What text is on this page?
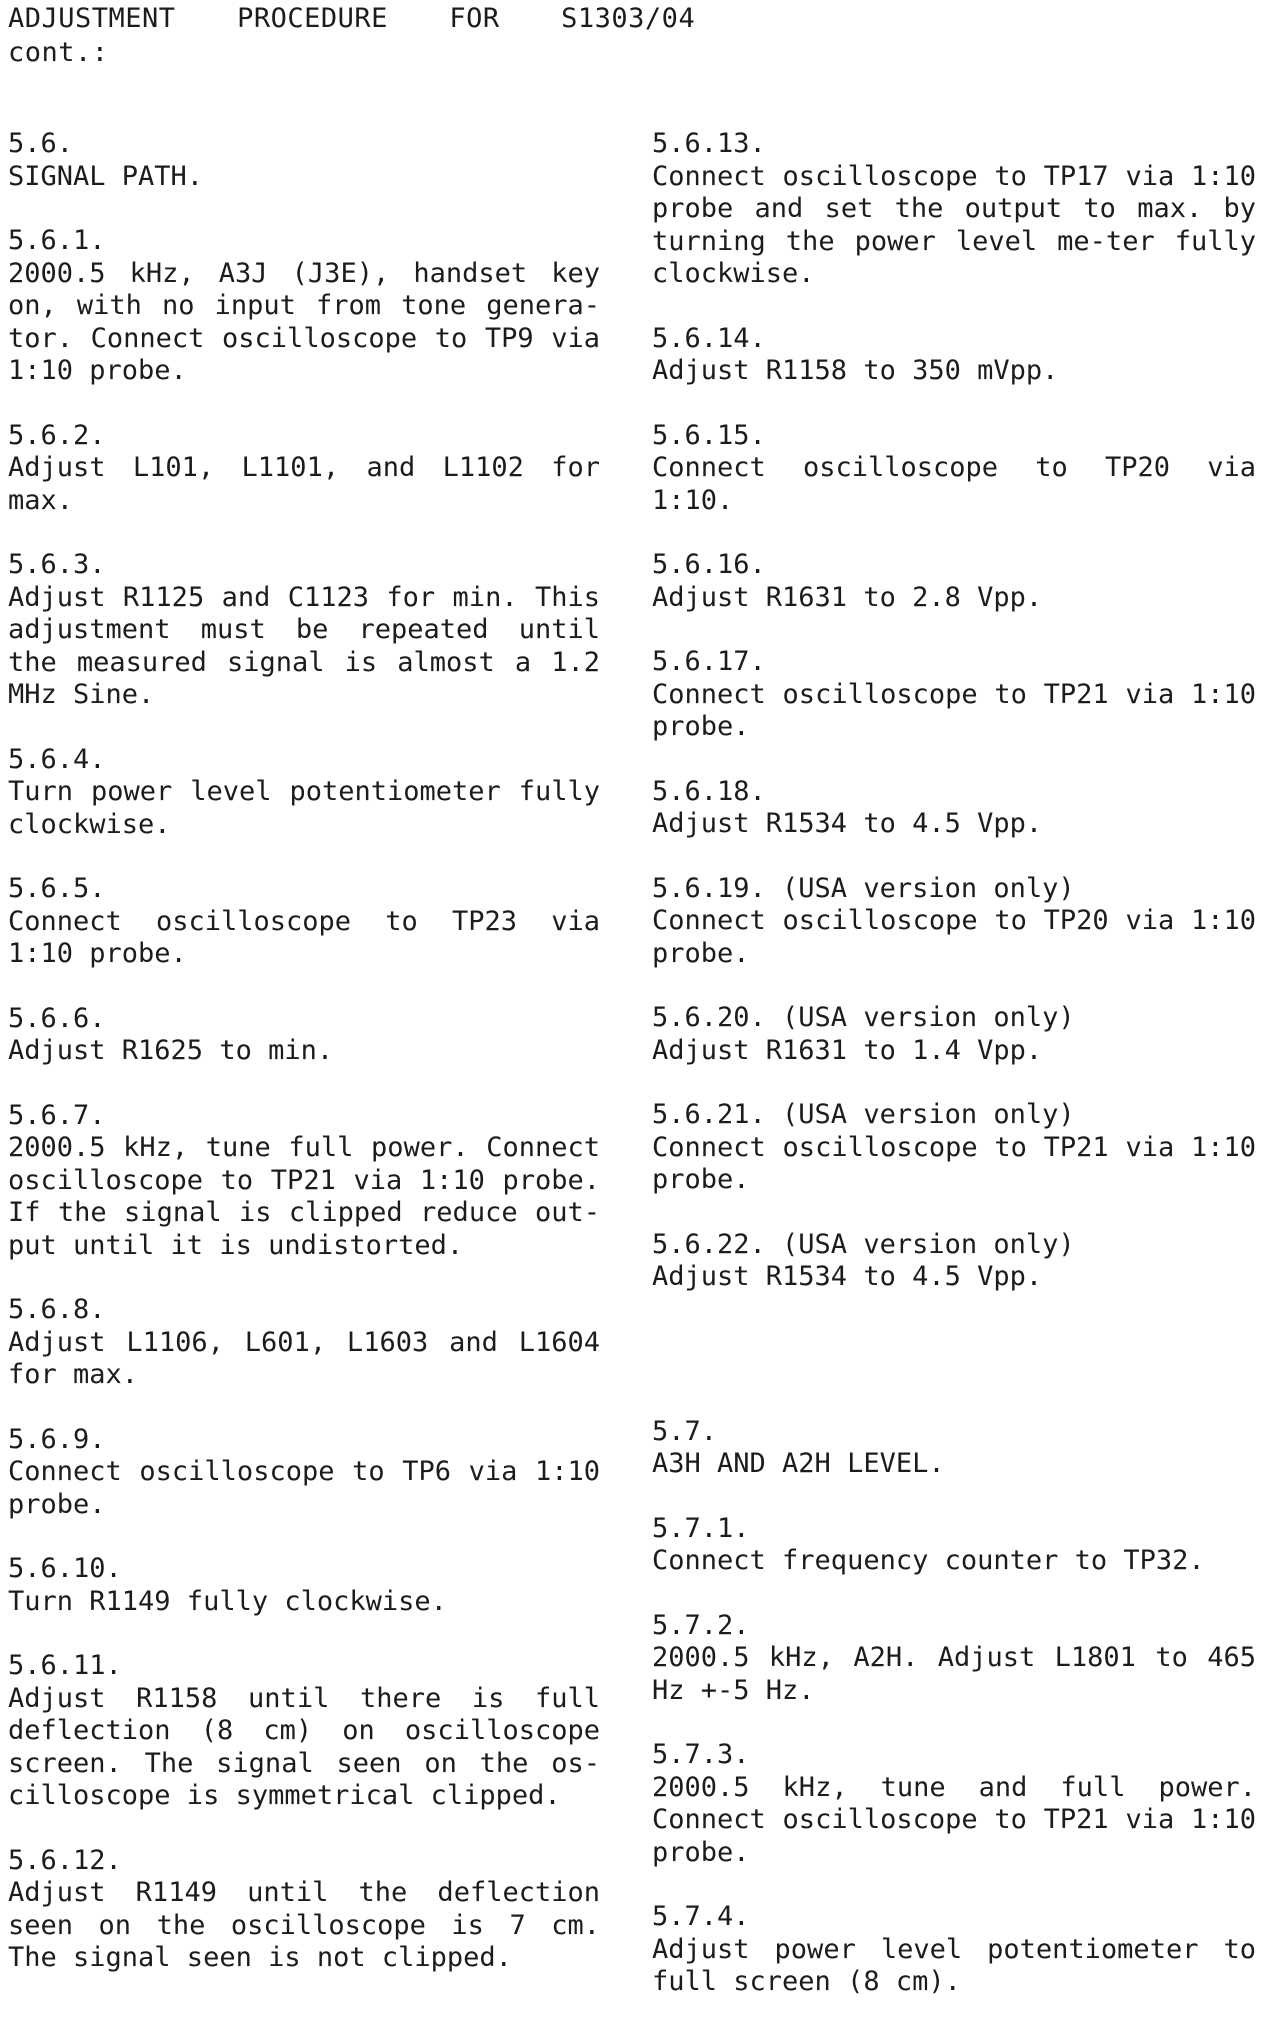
ADJUSTMENT  PROCEDURE  FOR  S1303/04
cont.:
5.6.
SIGNAL PATH.
5.6.1.
2000.5 kHz, A3J (J3E), handset key on, with no input from tone genera-tor. Connect oscilloscope to TP9 via 1:10 probe.
5.6.2.
Adjust L101, L1101, and L1102 for max.
5.6.3.
Adjust R1125 and C1123 for min. This adjustment must be repeated until the measured signal is almost a 1.2 MHz Sine.
5.6.4.
Turn power level potentiometer fully clockwise.
5.6.5.
Connect oscilloscope to TP23 via 1:10 probe.
5.6.6.
Adjust R1625 to min.
5.6.7.
2000.5 kHz, tune full power. Connect oscilloscope to TP21 via 1:10 probe. If the signal is clipped reduce out-put until it is undistorted.
5.6.8.
Adjust L1106, L601, L1603 and L1604 for max.
5.6.9.
Connect oscilloscope to TP6 via 1:10 probe.
5.6.10.
Turn R1149 fully clockwise.
5.6.11.
Adjust R1158 until there is full deflection (8 cm) on oscilloscope screen. The signal seen on the os-cilloscope is symmetrical clipped.
5.6.12.
Adjust R1149 until the deflection seen on the oscilloscope is 7 cm. The signal seen is not clipped.
5.6.13.
Connect oscilloscope to TP17 via 1:10 probe and set the output to max. by turning the power level me-ter fully clockwise.
5.6.14.
Adjust R1158 to 350 mVpp.
5.6.15.
Connect oscilloscope to TP20 via 1:10.
5.6.16.
Adjust R1631 to 2.8 Vpp.
5.6.17.
Connect oscilloscope to TP21 via 1:10 probe.
5.6.18.
Adjust R1534 to 4.5 Vpp.
5.6.19. (USA version only)
Connect oscilloscope to TP20 via 1:10 probe.
5.6.20. (USA version only)
Adjust R1631 to 1.4 Vpp.
5.6.21. (USA version only)
Connect oscilloscope to TP21 via 1:10 probe.
5.6.22. (USA version only)
Adjust R1534 to 4.5 Vpp.
5.7.
A3H AND A2H LEVEL.
5.7.1.
Connect frequency counter to TP32.
5.7.2.
2000.5 kHz, A2H. Adjust L1801 to 465 Hz +-5 Hz.
5.7.3.
2000.5 kHz, tune and full power. Connect oscilloscope to TP21 via 1:10 probe.
5.7.4.
Adjust power level potentiometer to full screen (8 cm).
